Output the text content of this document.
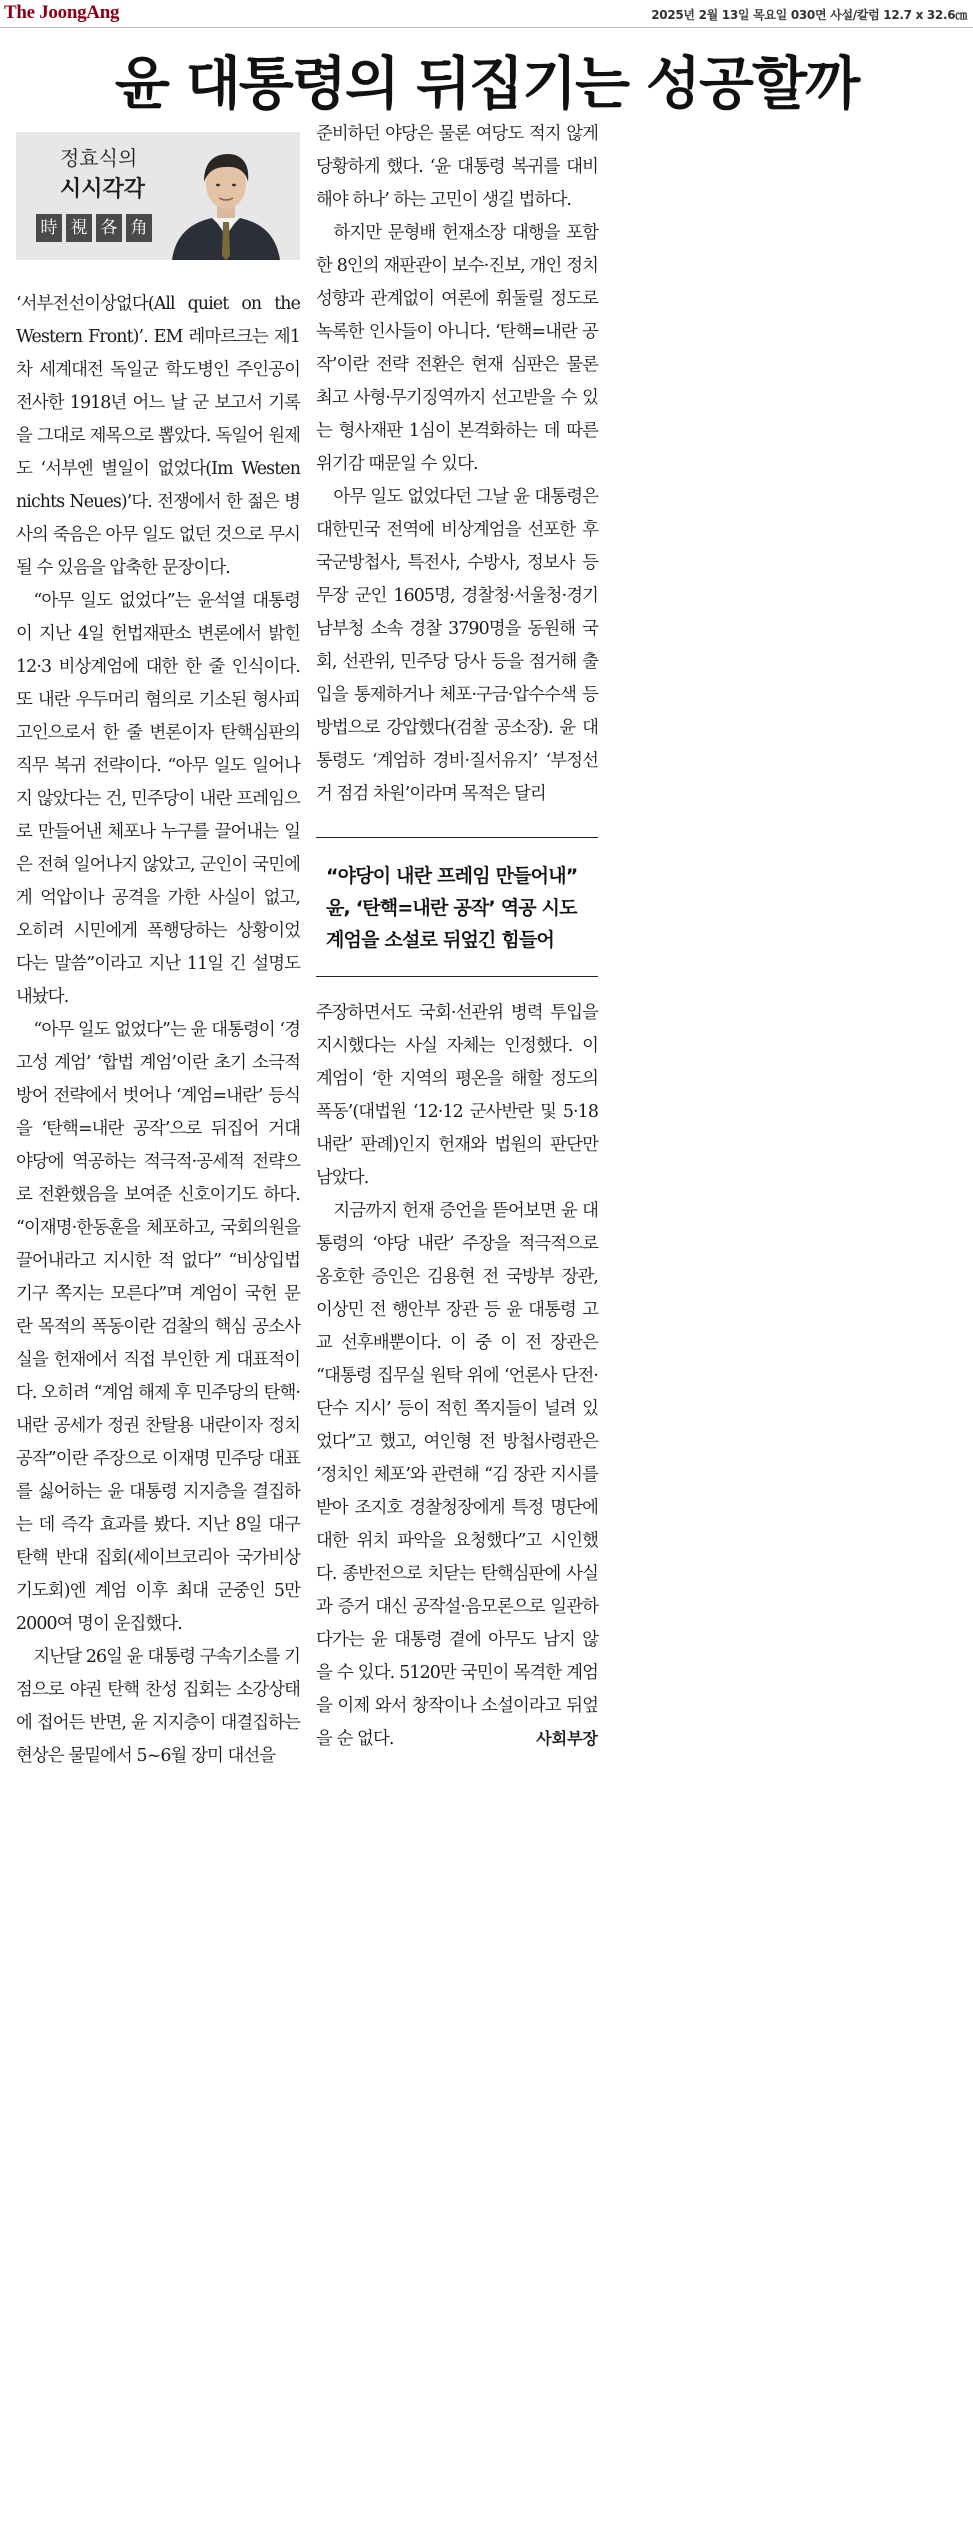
The JoongAng	2025년 2월 13일 목요일 030면 사설/칼럼 12.7 x 32.6㎝
윤 대통령의 뒤집기는 성공할까
정효식의
시시각각
時 視 各 角

‘서부전선이상없다(All quiet on the Western Front)’. EM 레마르크는 제1차 세계대전 독일군 학도병인 주인공이 전사한 1918년 어느 날 군 보고서 기록을 그대로 제목으로 뽑았다. 독일어 원제도 ‘서부엔 별일이 없었다(Im Westen nichts Neues)’다. 전쟁에서 한 젊은 병사의 죽음은 아무 일도 없던 것으로 무시될 수 있음을 압축한 문장이다.

“아무 일도 없었다”는 윤석열 대통령이 지난 4일 헌법재판소 변론에서 밝힌 12·3 비상계엄에 대한 한 줄 인식이다. 또 내란 우두머리 혐의로 기소된 형사피고인으로서 한 줄 변론이자 탄핵심판의 직무 복귀 전략이다. “아무 일도 일어나지 않았다는 건, 민주당이 내란 프레임으로 만들어낸 체포나 누구를 끌어내는 일은 전혀 일어나지 않았고, 군인이 국민에게 억압이나 공격을 가한 사실이 없고, 오히려 시민에게 폭행당하는 상황이었다는 말씀”이라고 지난 11일 긴 설명도 내놨다.

“아무 일도 없었다”는 윤 대통령이 ‘경고성 계엄’ ‘합법 계엄’이란 초기 소극적 방어 전략에서 벗어나 ‘계엄=내란’ 등식을 ‘탄핵=내란 공작’으로 뒤집어 거대 야당에 역공하는 적극적·공세적 전략으로 전환했음을 보여준 신호이기도 하다. “이재명·한동훈을 체포하고, 국회의원을 끌어내라고 지시한 적 없다” “비상입법기구 쪽지는 모른다”며 계엄이 국헌 문란 목적의 폭동이란 검찰의 핵심 공소사실을 헌재에서 직접 부인한 게 대표적이다. 오히려 “계엄 해제 후 민주당의 탄핵·내란 공세가 정권 찬탈용 내란이자 정치공작”이란 주장으로 이재명 민주당 대표를 싫어하는 윤 대통령 지지층을 결집하는 데 즉각 효과를 봤다. 지난 8일 대구 탄핵 반대 집회(세이브코리아 국가비상기도회)엔 계엄 이후 최대 군중인 5만2000여 명이 운집했다.

지난달 26일 윤 대통령 구속기소를 기점으로 야권 탄핵 찬성 집회는 소강상태에 접어든 반면, 윤 지지층이 대결집하는 현상은 물밑에서 5~6월 장미 대선을

준비하던 야당은 물론 여당도 적지 않게 당황하게 했다. ‘윤 대통령 복귀를 대비해야 하나’ 하는 고민이 생길 법하다.

하지만 문형배 헌재소장 대행을 포함한 8인의 재판관이 보수·진보, 개인 정치 성향과 관계없이 여론에 휘둘릴 정도로 녹록한 인사들이 아니다. ‘탄핵=내란 공작’이란 전략 전환은 현재 심판은 물론 최고 사형·무기징역까지 선고받을 수 있는 형사재판 1심이 본격화하는 데 따른 위기감 때문일 수 있다.

아무 일도 없었다던 그날 윤 대통령은 대한민국 전역에 비상계엄을 선포한 후 국군방첩사, 특전사, 수방사, 정보사 등 무장 군인 1605명, 경찰청·서울청·경기남부청 소속 경찰 3790명을 동원해 국회, 선관위, 민주당 당사 등을 점거해 출입을 통제하거나 체포·구금·압수수색 등 방법으로 강압했다(검찰 공소장). 윤 대통령도 ‘계엄하 경비·질서유지’ ‘부정선거 점검 차원’이라며 목적은 달리

“야당이 내란 프레임 만들어내”
윤, ‘탄핵=내란 공작’ 역공 시도
계엄을 소설로 뒤엎긴 힘들어

주장하면서도 국회·선관위 병력 투입을 지시했다는 사실 자체는 인정했다. 이 계엄이 ‘한 지역의 평온을 해할 정도의 폭동’(대법원 ‘12·12 군사반란 및 5·18 내란’ 판례)인지 헌재와 법원의 판단만 남았다.

지금까지 헌재 증언을 뜯어보면 윤 대통령의 ‘야당 내란’ 주장을 적극적으로 옹호한 증인은 김용현 전 국방부 장관, 이상민 전 행안부 장관 등 윤 대통령 고교 선후배뿐이다. 이 중 이 전 장관은 “대통령 집무실 원탁 위에 ‘언론사 단전·단수 지시’ 등이 적힌 쪽지들이 널려 있었다”고 했고, 여인형 전 방첩사령관은 ‘정치인 체포’와 관련해 “김 장관 지시를 받아 조지호 경찰청장에게 특정 명단에 대한 위치 파악을 요청했다”고 시인했다. 종반전으로 치닫는 탄핵심판에 사실과 증거 대신 공작설·음모론으로 일관하다가는 윤 대통령 곁에 아무도 남지 않을 수 있다. 5120만 국민이 목격한 계엄을 이제 와서 창작이나 소설이라고 뒤엎을 순 없다.	사회부장
